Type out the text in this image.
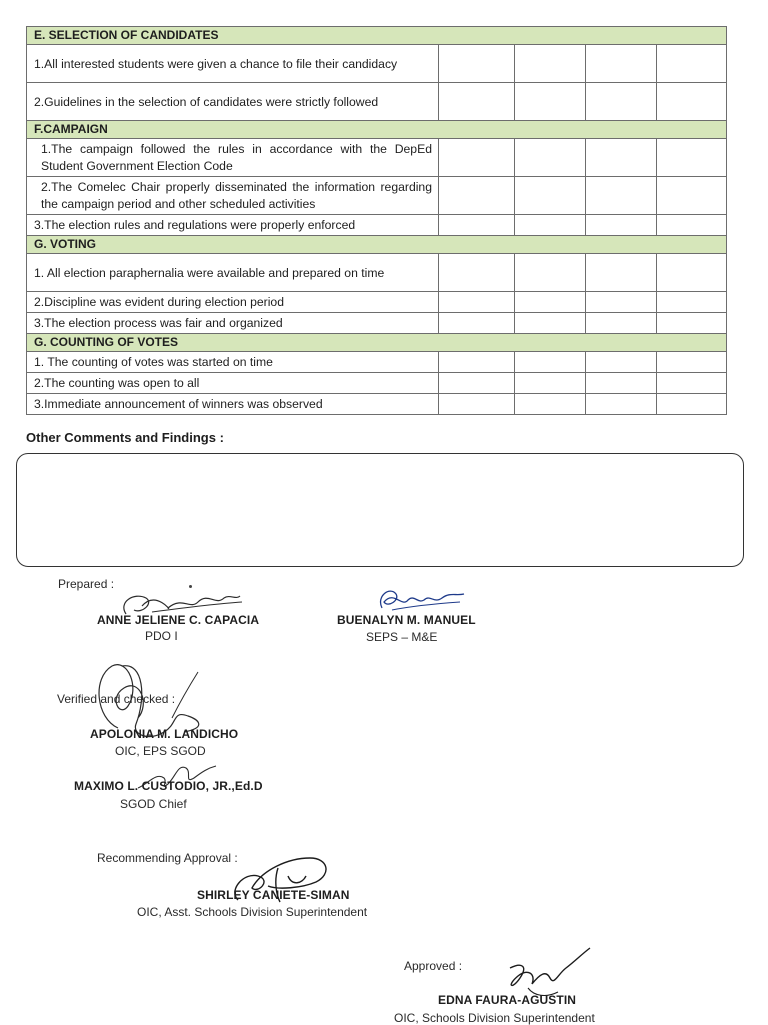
E. SELECTION OF CANDIDATES				
1.All interested students were given a chance to file their candidacy				
2.Guidelines in the selection of candidates were strictly followed				
F.CAMPAIGN				
1.The campaign followed the rules in accordance with the DepEd Student Government Election Code				
2.The Comelec Chair properly disseminated the information regarding the campaign period and other scheduled activities				
3.The election rules and regulations were properly enforced				
G. VOTING				
1. All election paraphernalia were available and prepared on time				
2.Discipline was evident during election period				
3.The election process was fair and organized				
G. COUNTING OF VOTES				
1. The counting of votes was started on time				
2.The counting was open to all				
3.Immediate announcement of winners was observed				
Other Comments and Findings :
Prepared :
ANNE JELIENE C. CAPACIA
PDO I
BUENALYN M. MANUEL
SEPS – M&E
Verified and checked :
APOLONIA M. LANDICHO
OIC, EPS SGOD
MAXIMO L. CUSTODIO, JR.,Ed.D
SGOD Chief
Recommending Approval :
SHIRLEY CANIETE-SIMAN
OIC, Asst. Schools Division Superintendent
Approved :
EDNA FAURA-AGUSTIN
OIC, Schools Division Superintendent
